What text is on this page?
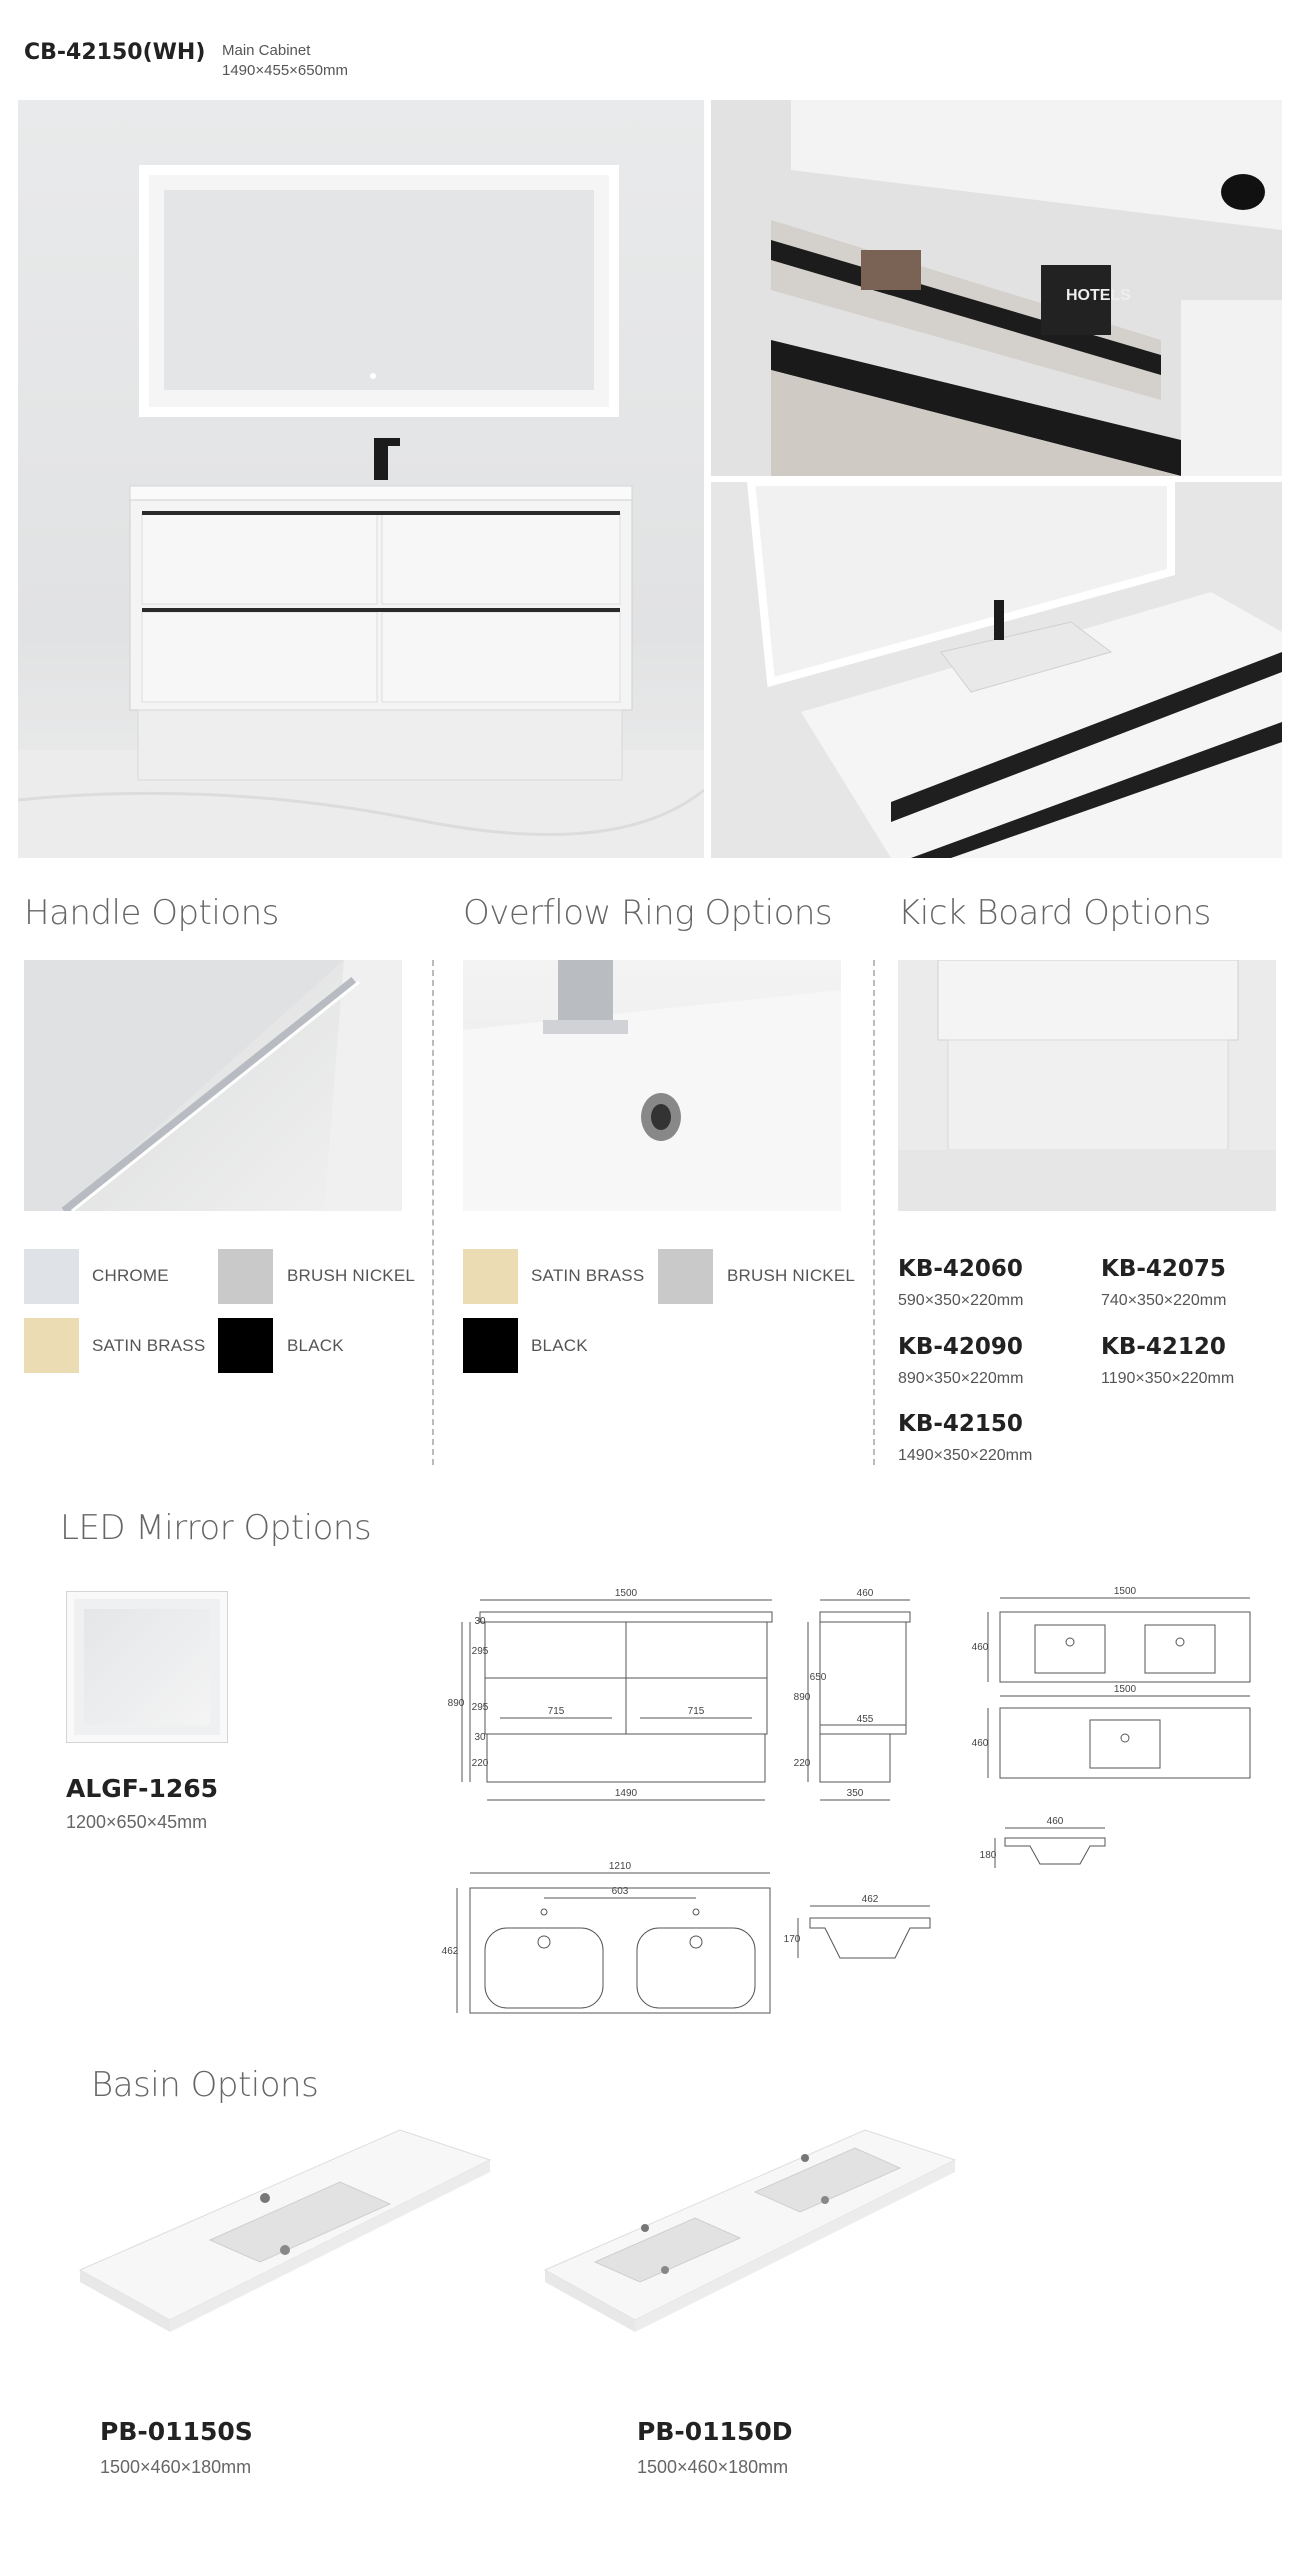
CB-42150(WH) Main Cabinet
1490×455×650mm
HOTELS
Handle Options	Overflow Ring Options Kick Board Options
CHROME	BRUSH NICKEL
SATIN BRASS	BLACK
SATIN BRASS	BRUSH NICKEL
BLACK
KB-42060
590×350×220mm
KB-42075
740×350×220mm
KB-42090
890×350×220mm
KB-42120
1190×350×220mm
KB-42150
1490×350×220mm
LED Mirror Options
ALGF-1265
1200×650×45mm
1500
1490
715	715
890
30
295
295
30
220
460
650
890
220
455
350
1500
1500
460
460
460
180
1210
603
462
462
170
Basin Options
PB-01150S
1500×460×180mm
PB-01150D
1500×460×180mm
